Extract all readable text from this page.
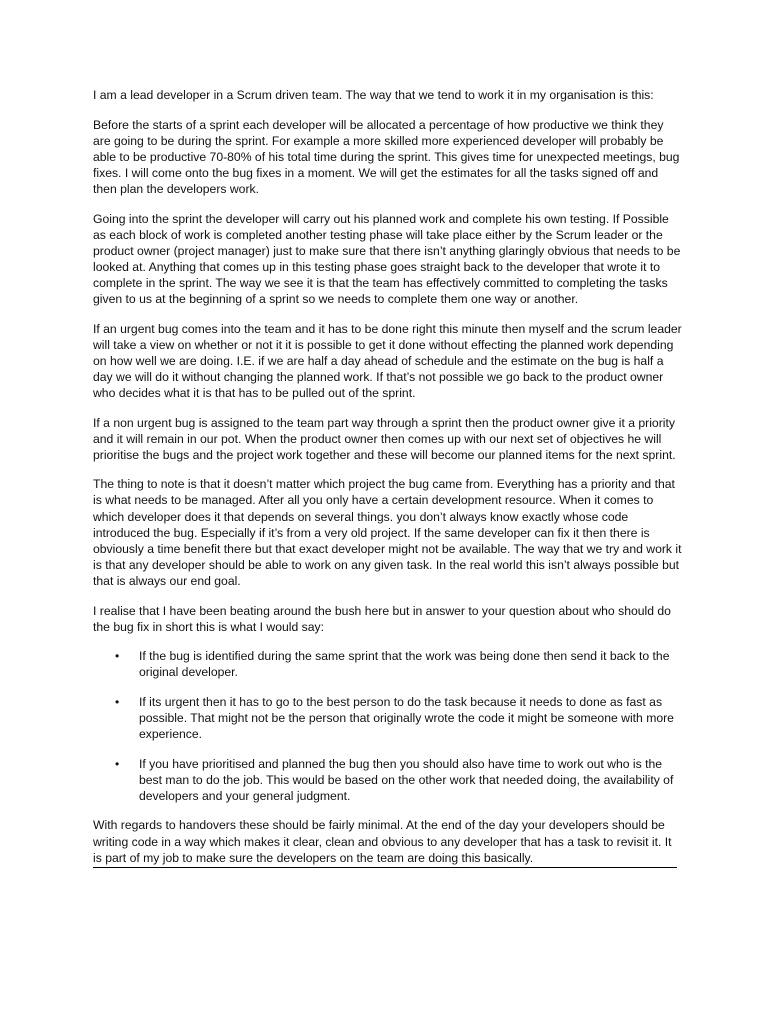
I am a lead developer in a Scrum driven team. The way that we tend to work it in my organisation is this:

Before the starts of a sprint each developer will be allocated a percentage of how productive we think they are going to be during the sprint. For example a more skilled more experienced developer will probably be able to be productive 70-80% of his total time during the sprint. This gives time for unexpected meetings, bug fixes. I will come onto the bug fixes in a moment. We will get the estimates for all the tasks signed off and then plan the developers work.

Going into the sprint the developer will carry out his planned work and complete his own testing. If Possible as each block of work is completed another testing phase will take place either by the Scrum leader or the product owner (project manager) just to make sure that there isn’t anything glaringly obvious that needs to be looked at. Anything that comes up in this testing phase goes straight back to the developer that wrote it to complete in the sprint. The way we see it is that the team has effectively committed to completing the tasks given to us at the beginning of a sprint so we needs to complete them one way or another.

If an urgent bug comes into the team and it has to be done right this minute then myself and the scrum leader will take a view on whether or not it it is possible to get it done without effecting the planned work depending on how well we are doing. I.E. if we are half a day ahead of schedule and the estimate on the bug is half a day we will do it without changing the planned work. If that’s not possible we go back to the product owner who decides what it is that has to be pulled out of the sprint.

If a non urgent bug is assigned to the team part way through a sprint then the product owner give it a priority and it will remain in our pot. When the product owner then comes up with our next set of objectives he will prioritise the bugs and the project work together and these will become our planned items for the next sprint.

The thing to note is that it doesn’t matter which project the bug came from. Everything has a priority and that is what needs to be managed. After all you only have a certain development resource. When it comes to which developer does it that depends on several things. you don’t always know exactly whose code introduced the bug. Especially if it’s from a very old project. If the same developer can fix it then there is obviously a time benefit there but that exact developer might not be available. The way that we try and work it is that any developer should be able to work on any given task. In the real world this isn’t always possible but that is always our end goal.

I realise that I have been beating around the bush here but in answer to your question about who should do the bug fix in short this is what I would say:

• If the bug is identified during the same sprint that the work was being done then send it back to the original developer.
• If its urgent then it has to go to the best person to do the task because it needs to done as fast as possible. That might not be the person that originally wrote the code it might be someone with more experience.
• If you have prioritised and planned the bug then you should also have time to work out who is the best man to do the job. This would be based on the other work that needed doing, the availability of developers and your general judgment.

With regards to handovers these should be fairly minimal. At the end of the day your developers should be writing code in a way which makes it clear, clean and obvious to any developer that has a task to revisit it. It is part of my job to make sure the developers on the team are doing this basically.
